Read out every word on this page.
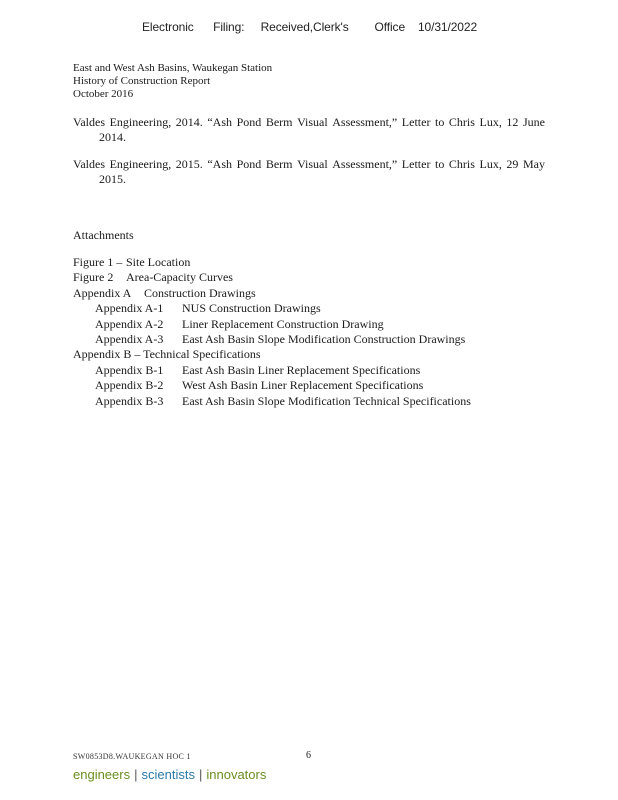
Electronic      Filing:     Received,Clerk's        Office    10/31/2022
East and West Ash Basins, Waukegan Station
History of Construction Report
October 2016
Valdes Engineering, 2014. “Ash Pond Berm Visual Assessment,” Letter to Chris Lux, 12 June
2014.
Valdes Engineering, 2015. “Ash Pond Berm Visual Assessment,” Letter to Chris Lux, 29 May
2015.
Attachments
Figure 1 – Site Location
Figure 2	Area-Capacity Curves
Appendix A	Construction Drawings
Appendix A-1	NUS Construction Drawings
Appendix A-2	Liner Replacement Construction Drawing
Appendix A-3	East Ash Basin Slope Modification Construction Drawings
Appendix B – Technical Specifications
Appendix B-1	East Ash Basin Liner Replacement Specifications
Appendix B-2	West Ash Basin Liner Replacement Specifications
Appendix B-3	East Ash Basin Slope Modification Technical Specifications
SW0853D8.WAUKEGAN HOC 1	6
engineers | scientists | innovators
